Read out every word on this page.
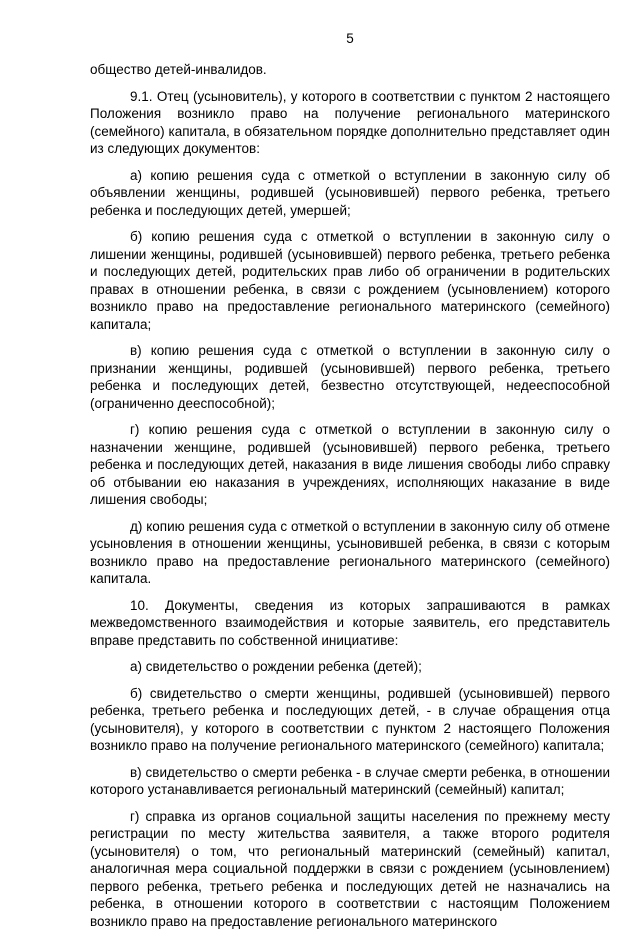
5

общество детей-инвалидов.

9.1. Отец (усыновитель), у которого в соответствии с пунктом 2 настоящего Положения возникло право на получение регионального материнского (семейного) капитала, в обязательном порядке дополнительно представляет один из следующих документов:

а) копию решения суда с отметкой о вступлении в законную силу об объявлении женщины, родившей (усыновившей) первого ребенка, третьего ребенка и последующих детей, умершей;

б) копию решения суда с отметкой о вступлении в законную силу о лишении женщины, родившей (усыновившей) первого ребенка, третьего ребенка и последующих детей, родительских прав либо об ограничении в родительских правах в отношении ребенка, в связи с рождением (усыновлением) которого возникло право на предоставление регионального материнского (семейного) капитала;

в) копию решения суда с отметкой о вступлении в законную силу о признании женщины, родившей (усыновившей) первого ребенка, третьего ребенка и последующих детей, безвестно отсутствующей, недееспособной (ограниченно дееспособной);

г) копию решения суда с отметкой о вступлении в законную силу о назначении женщине, родившей (усыновившей) первого ребенка, третьего ребенка и последующих детей, наказания в виде лишения свободы либо справку об отбывании ею наказания в учреждениях, исполняющих наказание в виде лишения свободы;

д) копию решения суда с отметкой о вступлении в законную силу об отмене усыновления в отношении женщины, усыновившей ребенка, в связи с которым возникло право на предоставление регионального материнского (семейного) капитала.

10. Документы, сведения из которых запрашиваются в рамках межведомственного взаимодействия и которые заявитель, его представитель вправе представить по собственной инициативе:

а) свидетельство о рождении ребенка (детей);

б) свидетельство о смерти женщины, родившей (усыновившей) первого ребенка, третьего ребенка и последующих детей, - в случае обращения отца (усыновителя), у которого в соответствии с пунктом 2 настоящего Положения возникло право на получение регионального материнского (семейного) капитала;

в) свидетельство о смерти ребенка - в случае смерти ребенка, в отношении которого устанавливается региональный материнский (семейный) капитал;

г) справка из органов социальной защиты населения по прежнему месту регистрации по месту жительства заявителя, а также второго родителя (усыновителя) о том, что региональный материнский (семейный) капитал, аналогичная мера социальной поддержки в связи с рождением (усыновлением) первого ребенка, третьего ребенка и последующих детей не назначались на ребенка, в отношении которого в соответствии с настоящим Положением возникло право на предоставление регионального материнского
